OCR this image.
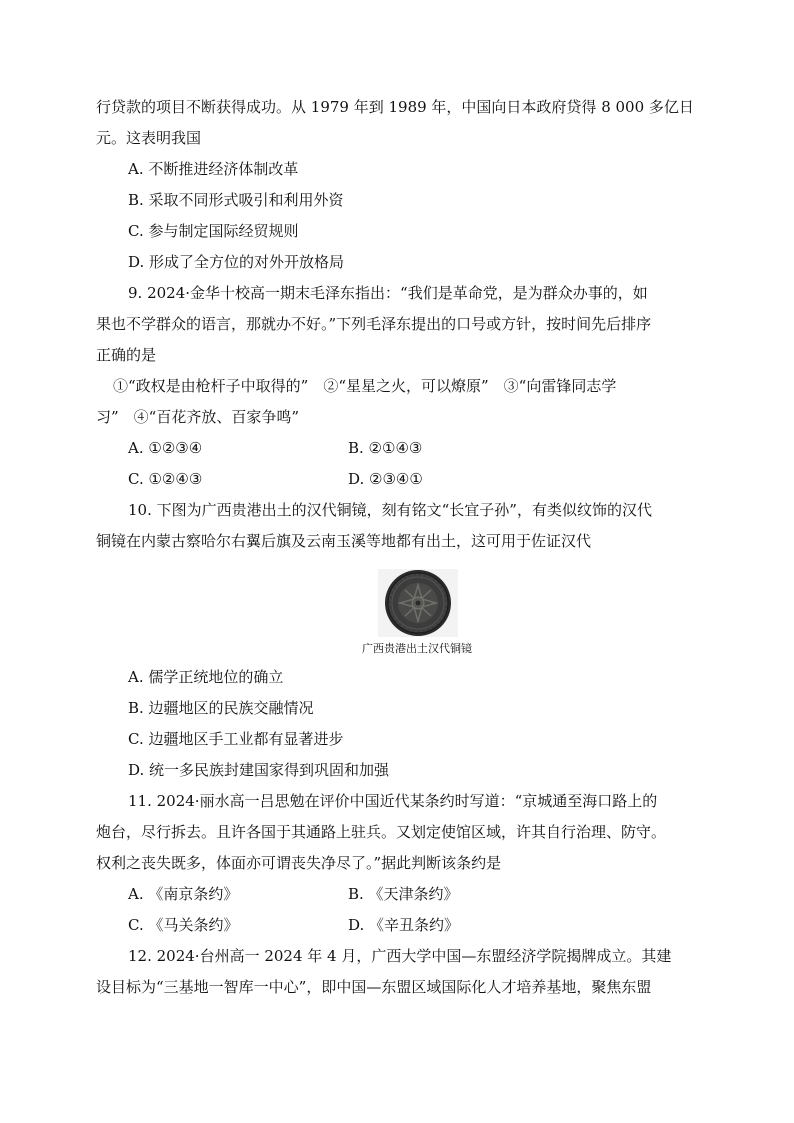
行贷款的项目不断获得成功。从 1979 年到 1989 年，中国向日本政府贷得 8 000 多亿日
元。这表明我国
A. 不断推进经济体制改革
B. 采取不同形式吸引和利用外资
C. 参与制定国际经贸规则
D. 形成了全方位的对外开放格局
9. 2024·金华十校高一期末毛泽东指出：“我们是革命党，是为群众办事的，如
果也不学群众的语言，那就办不好。”下列毛泽东提出的口号或方针，按时间先后排序
正确的是
①“政权是由枪杆子中取得的”　②“星星之火，可以燎原”　③“向雷锋同志学
习”　④“百花齐放、百家争鸣”
A. ①②③④	B. ②①④③
C. ①②④③	D. ②③④①
10. 下图为广西贵港出土的汉代铜镜，刻有铭文“长宜子孙”，有类似纹饰的汉代
铜镜在内蒙古察哈尔右翼后旗及云南玉溪等地都有出土，这可用于佐证汉代
广西贵港出土汉代铜镜
A. 儒学正统地位的确立
B. 边疆地区的民族交融情况
C. 边疆地区手工业都有显著进步
D. 统一多民族封建国家得到巩固和加强
11. 2024·丽水高一吕思勉在评价中国近代某条约时写道：“京城通至海口路上的
炮台，尽行拆去。且许各国于其通路上驻兵。又划定使馆区域，许其自行治理、防守。
权利之丧失既多，体面亦可谓丧失净尽了。”据此判断该条约是
A. 《南京条约》	B. 《天津条约》
C. 《马关条约》	D. 《辛丑条约》
12. 2024·台州高一 2024 年 4 月，广西大学中国—东盟经济学院揭牌成立。其建
设目标为“三基地一智库一中心”，即中国—东盟区域国际化人才培养基地，聚焦东盟
